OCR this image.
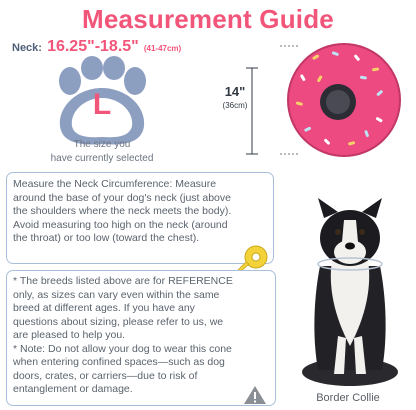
Measurement Guide
Neck: 16.25"-18.5" (41-47cm)
L
The size you
have currently selected
14"
(36cm)

Measure the Neck Circumference: Measure
around the base of your dog's neck (just above
the shoulders where the neck meets the body).
Avoid measuring too high on the neck (around
the throat) or too low (toward the chest).

* The breeds listed above are for REFERENCE
only, as sizes can vary even within the same
breed at different ages. If you have any
questions about sizing, please refer to us, we
are pleased to help you.
* Note: Do not allow your dog to wear this cone
when entering confined spaces—such as dog
doors, crates, or carriers—due to risk of
entanglement or damage.

Border Collie
